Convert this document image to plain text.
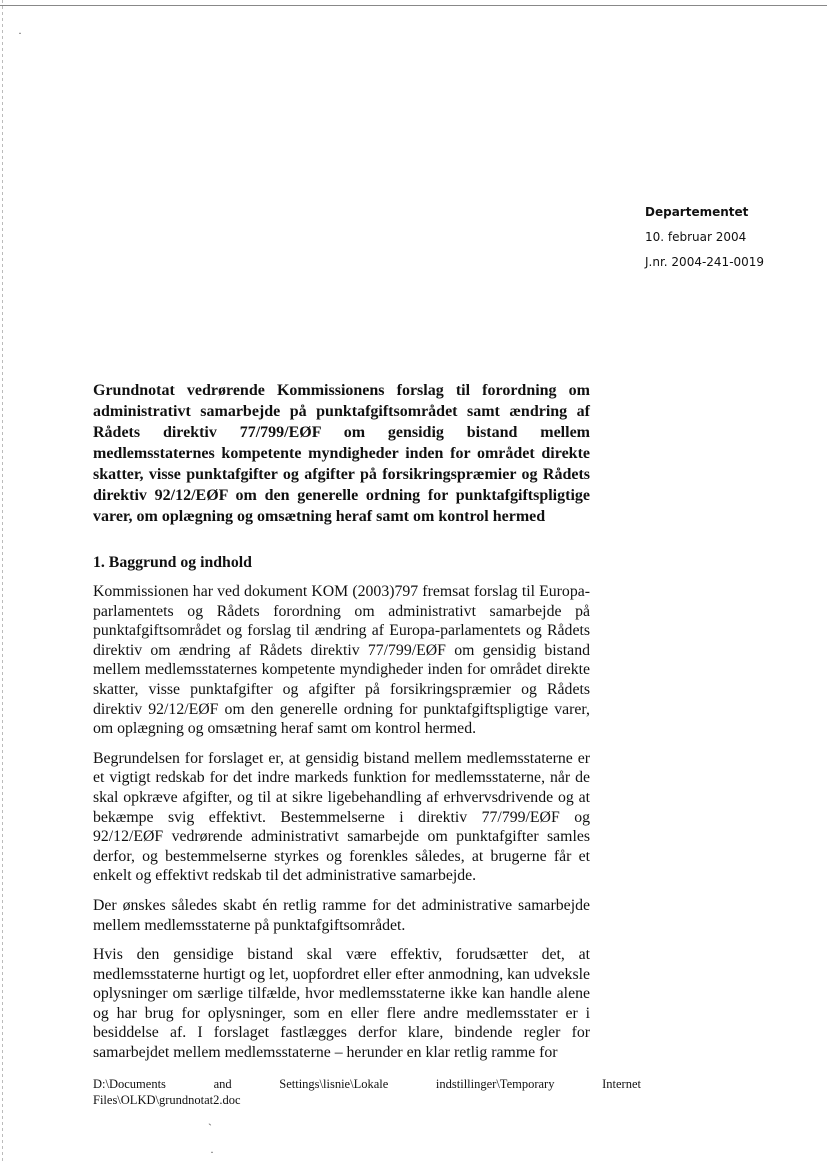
·
ˏ
·
Departementet
10. februar 2004
J.nr. 2004-241-0019
Grundnotat vedrørende Kommissionens forslag til forordning om administrativt samarbejde på punktafgiftsområdet samt ændring af Rådets direktiv 77/799/EØF om gensidig bistand mellem medlemsstaternes kompetente myndigheder inden for området direkte skatter, visse punktafgifter og afgifter på forsikringspræmier og Rådets direktiv 92/12/EØF om den generelle ordning for punktafgiftspligtige varer, om oplægning og omsætning heraf samt om kontrol hermed
1. Baggrund og indhold

Kommissionen har ved dokument KOM (2003)797 fremsat forslag til Europa-parlamentets og Rådets forordning om administrativt samarbejde på punktafgiftsområdet og forslag til ændring af Europa-parlamentets og Rådets direktiv om ændring af Rådets direktiv 77/799/EØF om gensidig bistand mellem medlemsstaternes kompetente myndigheder inden for området direkte skatter, visse punktafgifter og afgifter på forsikringspræmier og Rådets direktiv 92/12/EØF om den generelle ordning for punktafgiftspligtige varer, om oplægning og omsætning heraf samt om kontrol hermed.

Begrundelsen for forslaget er, at gensidig bistand mellem medlemsstaterne er et vigtigt redskab for det indre markeds funktion for medlemsstaterne, når de skal opkræve afgifter, og til at sikre ligebehandling af erhvervsdrivende og at bekæmpe svig effektivt. Bestemmelserne i direktiv 77/799/EØF og 92/12/EØF vedrørende administrativt samarbejde om punktafgifter samles derfor, og bestemmelserne styrkes og forenkles således, at brugerne får et enkelt og effektivt redskab til det administrative samarbejde.

Der ønskes således skabt én retlig ramme for det administrative samarbejde mellem medlemsstaterne på punktafgiftsområdet.

Hvis den gensidige bistand skal være effektiv, forudsætter det, at medlemsstaterne hurtigt og let, uopfordret eller efter anmodning, kan udveksle oplysninger om særlige tilfælde, hvor medlemsstaterne ikke kan handle alene og har brug for oplysninger, som en eller flere andre medlemsstater er i besiddelse af. I forslaget fastlægges derfor klare, bindende regler for samarbejdet mellem medlemsstaterne – herunder en klar retlig ramme for

D:\Documents	and	Settings\lisnie\Lokale	indstillinger\Temporary	Internet
Files\OLKD\grundnotat2.doc
